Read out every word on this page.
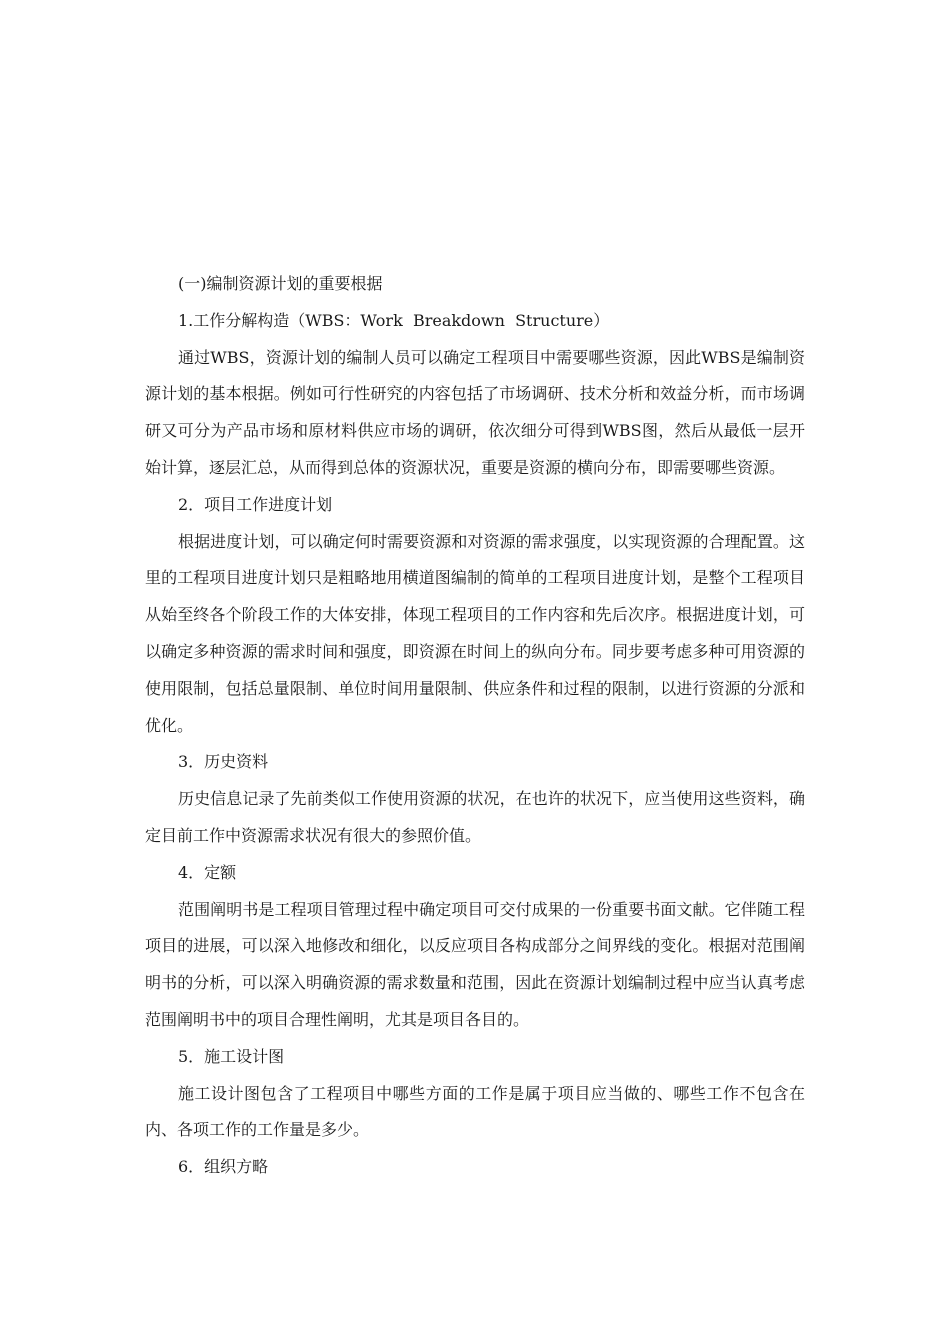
(一)编制资源计划的重要根据
1.工作分解构造（WBS：Work  Breakdown  Structure）

通过WBS，资源计划的编制人员可以确定工程项目中需要哪些资源，因此WBS是编制资源计划的基本根据。例如可行性研究的内容包括了市场调研、技术分析和效益分析，而市场调研又可分为产品市场和原材料供应市场的调研，依次细分可得到WBS图，然后从最低一层开始计算，逐层汇总，从而得到总体的资源状况，重要是资源的横向分布，即需要哪些资源。

2．项目工作进度计划

根据进度计划，可以确定何时需要资源和对资源的需求强度，以实现资源的合理配置。这里的工程项目进度计划只是粗略地用横道图编制的简单的工程项目进度计划，是整个工程项目从始至终各个阶段工作的大体安排，体现工程项目的工作内容和先后次序。根据进度计划，可以确定多种资源的需求时间和强度，即资源在时间上的纵向分布。同步要考虑多种可用资源的使用限制，包括总量限制、单位时间用量限制、供应条件和过程的限制，以进行资源的分派和优化。

3．历史资料

历史信息记录了先前类似工作使用资源的状况，在也许的状况下，应当使用这些资料，确定目前工作中资源需求状况有很大的参照价值。

4．定额

范围阐明书是工程项目管理过程中确定项目可交付成果的一份重要书面文献。它伴随工程项目的进展，可以深入地修改和细化，以反应项目各构成部分之间界线的变化。根据对范围阐明书的分析，可以深入明确资源的需求数量和范围，因此在资源计划编制过程中应当认真考虑范围阐明书中的项目合理性阐明，尤其是项目各目的。

5．施工设计图

施工设计图包含了工程项目中哪些方面的工作是属于项目应当做的、哪些工作不包含在内、各项工作的工作量是多少。

6．组织方略
